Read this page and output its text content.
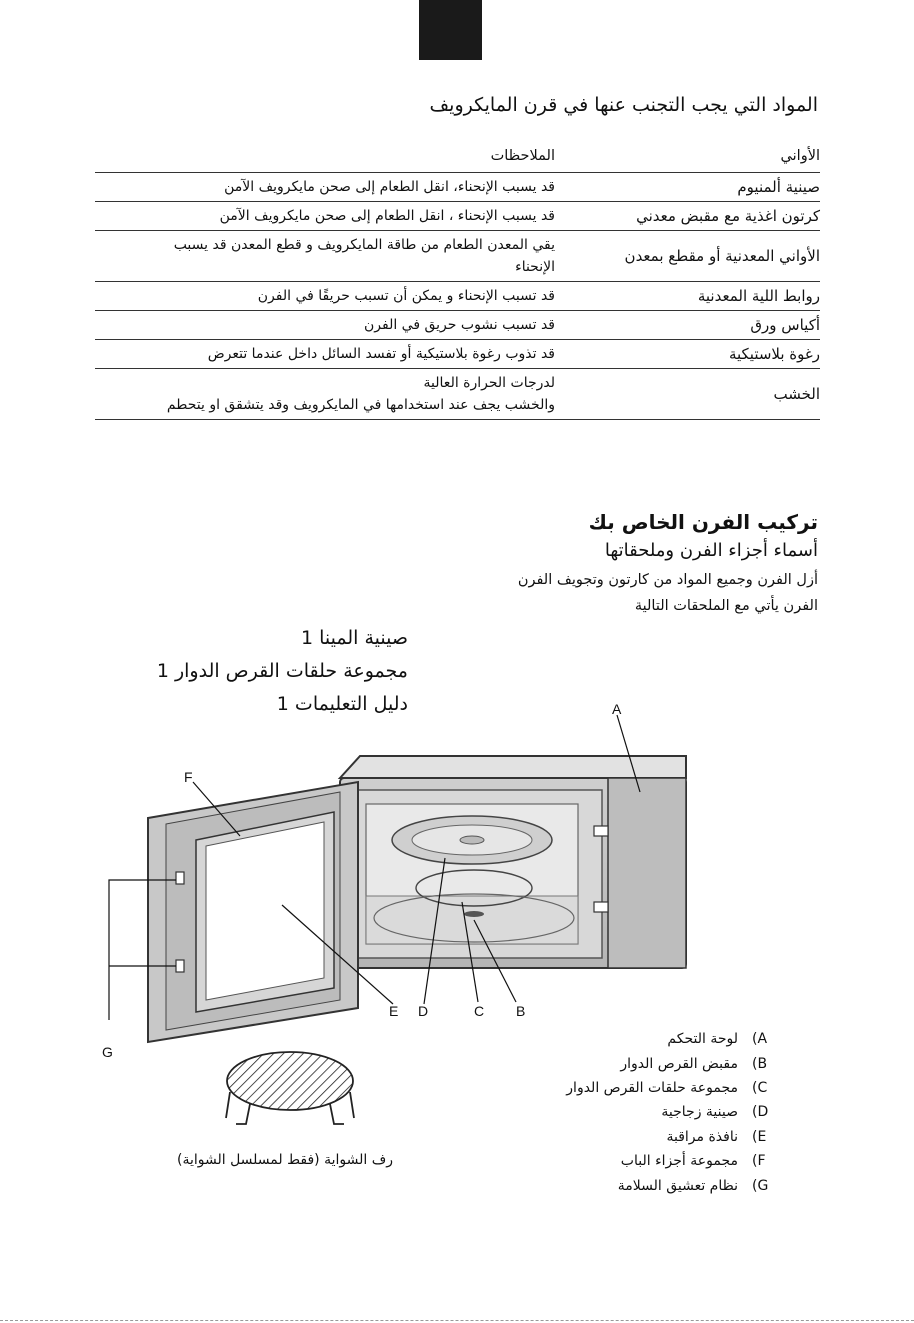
المواد التي يجب التجنب عنها في قرن المايكرويف
الأواني	الملاحظات
صينية ألمنيوم	قد يسبب الإنحناء، انقل الطعام إلى صحن مايكرويف الآمن

كرتون اغذية مع مقبض معدني	قد يسبب الإنحناء ، انقل الطعام إلى صحن مايكرويف الآمن

الأواني المعدنية أو مقطع بمعدن	يقي المعدن الطعام من طاقة المايكرويف و قطع المعدن قد يسبب
الإنحناء

روابط اللية المعدنية	قد تسبب الإنحناء و يمكن أن تسبب حريقًا في الفرن

أكياس ورق	قد تسبب نشوب حريق في الفرن

رغوة بلاستيكية	قد تذوب رغوة بلاستيكية أو تفسد السائل داخل عندما تتعرض

الخشب	لدرجات الحرارة العالية
والخشب يجف عند استخدامها في المايكرويف وقد يتشقق او يتحطم
تركيب الفرن الخاص بك
أسماء أجزاء الفرن وملحقاتها
أزل الفرن وجميع المواد من كارتون وتجويف الفرن
الفرن يأتي مع الملحقات التالية
صينية المينا 1
مجموعة حلقات القرص الدوار 1
دليل التعليمات 1	A
B
C
D
E
F
G
لوحة التحكم (A
مقبض القرص الدوار (B
مجموعة حلقات القرص الدوار (C
صينية زجاجية (D
نافذة مراقبة (E
مجموعة أجزاء الباب (F
نظام تعشيق السلامة (G
رف الشواية (فقط لمسلسل الشواية)
